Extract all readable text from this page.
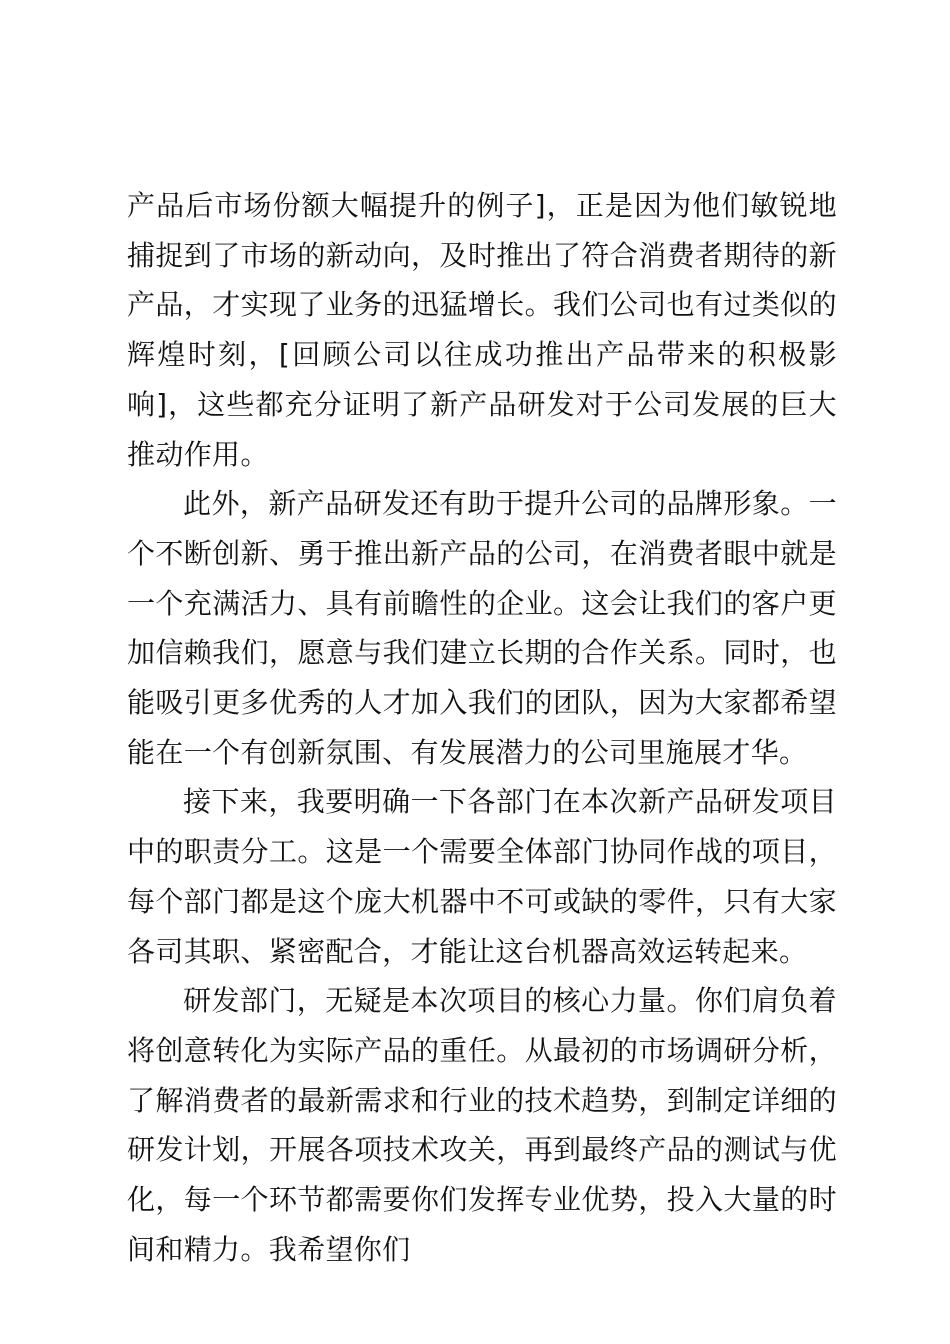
产品后市场份额大幅提升的例子]，正是因为他们敏锐地捕捉到了市场的新动向，及时推出了符合消费者期待的新产品，才实现了业务的迅猛增长。我们公司也有过类似的辉煌时刻，[回顾公司以往成功推出产品带来的积极影响]，这些都充分证明了新产品研发对于公司发展的巨大推动作用。

此外，新产品研发还有助于提升公司的品牌形象。一个不断创新、勇于推出新产品的公司，在消费者眼中就是一个充满活力、具有前瞻性的企业。这会让我们的客户更加信赖我们，愿意与我们建立长期的合作关系。同时，也能吸引更多优秀的人才加入我们的团队，因为大家都希望能在一个有创新氛围、有发展潜力的公司里施展才华。

接下来，我要明确一下各部门在本次新产品研发项目中的职责分工。这是一个需要全体部门协同作战的项目，每个部门都是这个庞大机器中不可或缺的零件，只有大家各司其职、紧密配合，才能让这台机器高效运转起来。

研发部门，无疑是本次项目的核心力量。你们肩负着将创意转化为实际产品的重任。从最初的市场调研分析，了解消费者的最新需求和行业的技术趋势，到制定详细的研发计划，开展各项技术攻关，再到最终产品的测试与优化，每一个环节都需要你们发挥专业优势，投入大量的时间和精力。我希望你们
